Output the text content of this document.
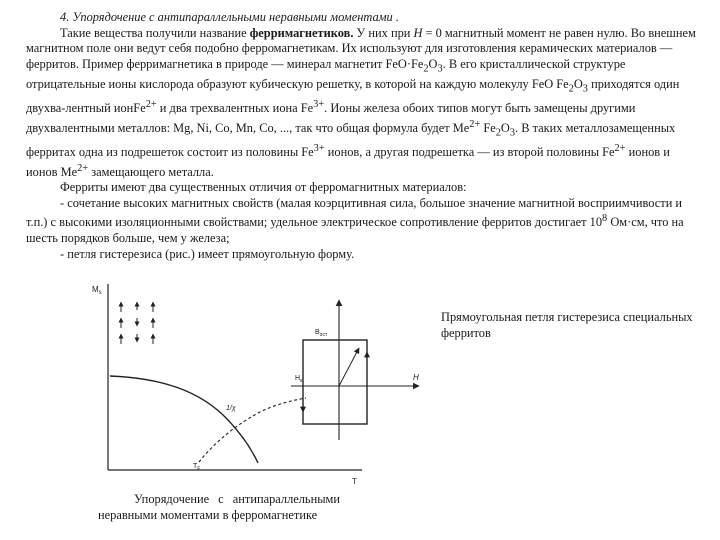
4. Упорядочение с антипараллельными неравными моментами .

Такие вещества получили название ферримагнетиков. У них при H = 0 магнитный момент не равен нулю. Во внешнем магнитном поле они ведут себя подобно ферромагнетикам. Их используют для изготовления керамических материалов — ферритов. Пример ферримагнетика в природе — минерал магнетит $FeO\cdot Fe_2O_3$. В его кристаллической структуре отрицательные ионы кислорода образуют кубическую решетку, в которой на каждую молекулу FeO $Fe_2O_3$ приходятся один двухва-лентный ионFe$^{2+}$ и два трехвалентных иона $Fe^{3+}$. Ионы железа обоих типов могут быть замещены другими двухвалентными металлов: Mg, Ni, Co, Mn, Co, ..., так что общая формула будет $Me^{2+}$ $Fe_2O_3$. В таких металлозамещенных ферритах одна из подрешеток состоит из половины $Fe^{3+}$ ионов, а другая подрешетка — из второй половины $Fe^{2+}$ ионов и ионов $Me^{2+}$ замещающего металла.

Ферриты имеют два существенных отличия от ферромагнитных материалов:

- сочетание высоких магнитных свойств (малая коэрцитивная сила, большое значение магнитной восприимчивости и т.п.) с высокими изоляционными свойствами; удельное электрическое сопротивление ферритов достигает $10^8$ Ом·см, что на шесть порядков больше, чем у железа;

- петля гистерезиса (рис.) имеет прямоугольную форму.

$M_s$
T
1/χ
$T_F$
$B_{ост}$
$H_к$	H
Прямоугольная петля гистерезиса специальных ферритов
Упорядочение с антипараллельными
неравными моментами в ферромагнетике
